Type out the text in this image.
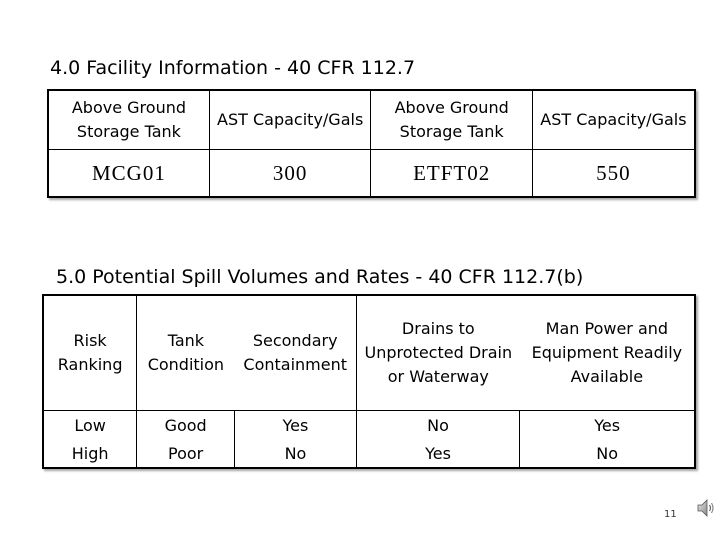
4.0 Facility Information - 40 CFR 112.7
Above Ground Storage Tank	AST Capacity/Gals	Above Ground Storage Tank	AST Capacity/Gals
MCG01	300	ETFT02	550
5.0 Potential Spill Volumes and Rates - 40 CFR 112.7(b)
Risk Ranking	Tank Condition	Secondary Containment	Drains to Unprotected Drain or Waterway	Man Power and Equipment Readily Available
Low	Good	Yes	No	Yes
High	Poor	No	Yes	No
11
